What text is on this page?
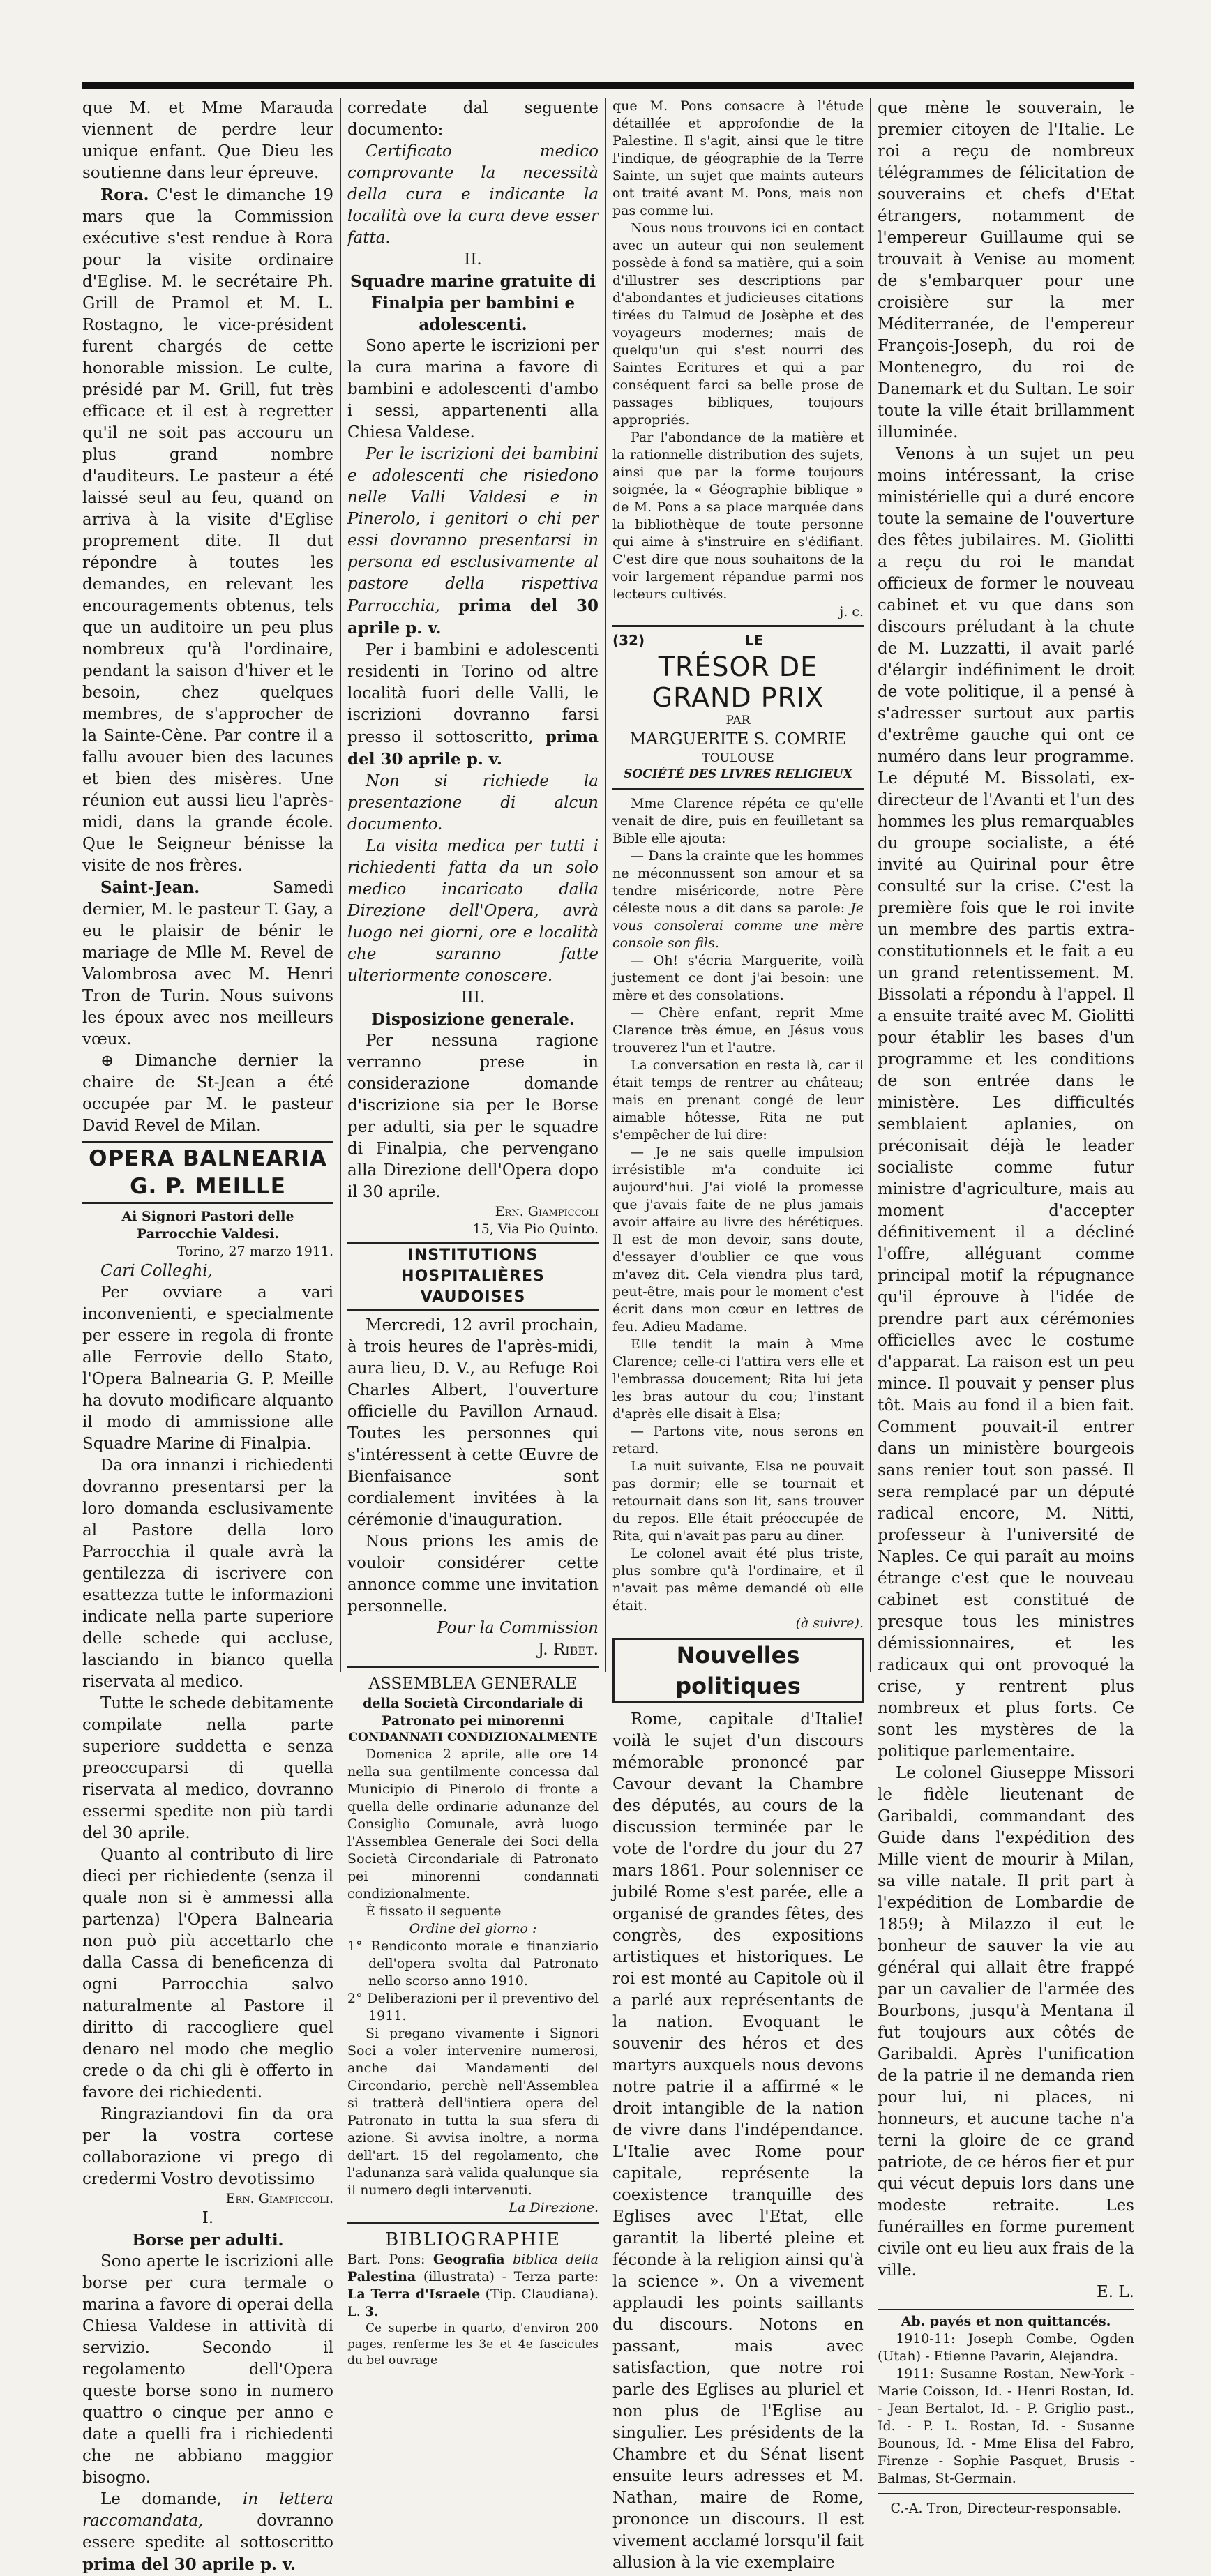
que M. et Mme Marauda viennent de perdre leur unique enfant. Que Dieu les soutienne dans leur épreuve.

Rora. C'est le dimanche 19 mars que la Commission exécutive s'est rendue à Rora pour la visite ordinaire d'Eglise. M. le secrétaire Ph. Grill de Pramol et M. L. Rostagno, le vice-président furent chargés de cette honorable mission. Le culte, présidé par M. Grill, fut très efficace et il est à regretter qu'il ne soit pas accouru un plus grand nombre d'auditeurs. Le pasteur a été laissé seul au feu, quand on arriva à la visite d'Eglise proprement dite. Il dut répondre à toutes les demandes, en relevant les encouragements obtenus, tels que un auditoire un peu plus nombreux qu'à l'ordinaire, pendant la saison d'hiver et le besoin, chez quelques membres, de s'approcher de la Sainte-Cène. Par contre il a fallu avouer bien des lacunes et bien des misères. Une réunion eut aussi lieu l'après-midi, dans la grande école. Que le Seigneur bénisse la visite de nos frères.

Saint-Jean.	Samedi dernier, M. le pasteur T. Gay, a eu le plaisir de bénir le mariage de Mlle M. Revel de Valombrosa avec M. Henri Tron de Turin. Nous suivons les époux avec nos meilleurs vœux.

⊕ Dimanche dernier la chaire de St-Jean a été occupée par M. le pasteur David Revel de Milan.

OPERA BALNEARIA G. P. MEILLE

Ai Signori Pastori delle Parrocchie Valdesi.

Torino, 27 marzo 1911.

Cari Colleghi,

Per ovviare a vari inconvenienti, e specialmente per essere in regola di fronte alle Ferrovie dello Stato, l'Opera Balnearia G. P. Meille ha dovuto modificare alquanto il modo di ammissione alle Squadre Marine di Finalpia.

Da ora innanzi i richiedenti dovranno presentarsi per la loro domanda esclusivamente al Pastore della loro Parrocchia il quale avrà la gentilezza di iscrivere con esattezza tutte le informazioni indicate nella parte superiore delle schede qui accluse, lasciando in bianco quella riservata al medico.

Tutte le schede debitamente compilate nella parte superiore suddetta e senza preoccuparsi di quella riservata al medico, dovranno essermi spedite non più tardi del 30 aprile.

Quanto al contributo di lire dieci per richiedente (senza il quale non si è ammessi alla partenza) l'Opera Balnearia non può più accettarlo che dalla Cassa di beneficenza di ogni Parrocchia salvo naturalmente al Pastore il diritto di raccogliere quel denaro nel modo che meglio crede o da chi gli è offerto in favore dei richiedenti.

Ringraziandovi fin da ora per la vostra cortese collaborazione vi prego di credermi Vostro devotissimo

Ern. Giampiccoli.

I.

Borse per adulti.

Sono aperte le iscrizioni alle borse per cura termale o marina a favore di operai della Chiesa Valdese in attività di servizio. Secondo il regolamento dell'Opera queste borse sono in numero quattro o cinque per anno e date a quelli fra i richiedenti che ne abbiano maggior bisogno.

Le domande, in lettera raccomandata,	dovranno essere spedite al sottoscritto prima del 30 aprile p. v.

corredate dal seguente documento:

Certificato medico comprovante la necessità della cura e indicante la località ove la cura deve esser fatta.

II.

Squadre marine gratuite di Finalpia per bambini e adolescenti.

Sono aperte le iscrizioni per la cura marina a favore di bambini e adolescenti d'ambo i sessi, appartenenti alla Chiesa Valdese.

Per le iscrizioni dei bambini e adolescenti che risiedono nelle Valli Valdesi e in Pinerolo, i genitori o chi per essi dovranno presentarsi in persona ed esclusivamente al pastore della rispettiva Parrocchia, prima del 30 aprile p. v.

Per i bambini e adolescenti residenti in Torino od altre località fuori delle Valli, le iscrizioni dovranno farsi presso il sottoscritto, prima del 30 aprile p. v.

Non si richiede la presentazione di alcun documento.

La visita medica per tutti i richiedenti fatta da un solo medico incaricato dalla Direzione dell'Opera, avrà luogo nei giorni, ore e località che saranno fatte ulteriormente conoscere.

III.

Disposizione generale.

Per nessuna ragione verranno prese in considerazione domande d'iscrizione sia per le Borse per adulti, sia per le squadre di Finalpia, che pervengano alla Direzione dell'Opera dopo il 30 aprile.

Ern. Giampiccoli

15, Via Pio Quinto.

INSTITUTIONS HOSPITALIÈRES VAUDOISES

Mercredi, 12 avril prochain, à trois heures de l'après-midi, aura lieu, D. V., au Refuge Roi Charles Albert, l'ouverture officielle du Pavillon Arnaud. Toutes les personnes qui s'intéressent à cette Œuvre de Bienfaisance sont cordialement invitées à la cérémonie d'inauguration.

Nous prions les amis de vouloir considérer cette annonce comme une invitation personnelle.

Pour la Commission

J. Ribet.

ASSEMBLEA GENERALE

della Società Circondariale di Patronato pei minorenni

CONDANNATI CONDIZIONALMENTE

Domenica 2 aprile, alle ore 14 nella sua gentilmente concessa dal Municipio di Pinerolo di fronte a quella delle ordinarie adunanze del Consiglio Comunale, avrà luogo l'Assemblea Generale dei Soci della Società Circondariale di Patronato pei minorenni condannati condizionalmente.

È fissato il seguente

Ordine del giorno :

1° Rendiconto morale e finanziario dell'opera svolta dal Patronato nello scorso anno 1910.

2° Deliberazioni per il preventivo del 1911.

Si pregano vivamente i Signori Soci a voler intervenire numerosi, anche dai Mandamenti del Circondario, perchè nell'Assemblea si tratterà dell'intiera opera del Patronato in tutta la sua sfera di azione. Si avvisa inoltre, a norma dell'art. 15 del regolamento, che l'adunanza sarà valida qualunque sia il numero degli intervenuti.

La Direzione.

BIBLIOGRAPHIE

Bart. Pons: Geografia biblica della Palestina (illustrata) - Terza parte: La Terra d'Israele (Tip. Claudiana). L. 3.

Ce superbe in quarto, d'environ 200 pages, renferme les 3e et 4e fascicules du bel ouvrage

que M. Pons consacre à l'étude détaillée et approfondie de la Palestine. Il s'agit, ainsi que le titre l'indique, de géographie de la Terre Sainte, un sujet que maints auteurs ont traité avant M. Pons, mais non pas comme lui.

Nous nous trouvons ici en contact avec un auteur qui non seulement possède à fond sa matière, qui a soin d'illustrer ses descriptions par d'abondantes et judicieuses citations tirées du Talmud de Josèphe et des voyageurs modernes; mais de quelqu'un qui s'est nourri des Saintes Ecritures et qui a par conséquent farci sa belle prose de passages bibliques, toujours appropriés.

Par l'abondance de la matière et la rationnelle distribution des sujets, ainsi que par la forme toujours soignée, la « Géographie biblique » de M. Pons a sa place marquée dans la bibliothèque de toute personne qui aime à s'instruire en s'édifiant. C'est dire que nous souhaitons de la voir largement répandue parmi nos lecteurs cultivés.

j. c.

(32)	LE
TRÉSOR DE GRAND PRIX

PAR

MARGUERITE S. COMRIE

TOULOUSE

SOCIÉTÉ DES LIVRES RELIGIEUX

Mme Clarence répéta ce qu'elle venait de dire, puis en feuilletant sa Bible elle ajouta:

— Dans la crainte que les hommes ne méconnussent son amour et sa tendre miséricorde, notre Père céleste nous a dit dans sa parole: Je vous consolerai comme une mère console son fils.

— Oh! s'écria Marguerite, voilà justement ce dont j'ai besoin: une mère et des consolations.

— Chère enfant, reprit Mme Clarence très émue, en Jésus vous trouverez l'un et l'autre.

La conversation en resta là, car il était temps de rentrer au château; mais en prenant congé de leur aimable hôtesse, Rita ne put s'empêcher de lui dire:

— Je ne sais quelle impulsion irrésistible m'a conduite ici aujourd'hui. J'ai violé la promesse que j'avais faite de ne plus jamais avoir affaire au livre des hérétiques. Il est de mon devoir, sans doute, d'essayer d'oublier ce que vous m'avez dit. Cela viendra plus tard, peut-être, mais pour le moment c'est écrit dans mon cœur en lettres de feu. Adieu Madame.

Elle tendit la main à Mme Clarence; celle-ci l'attira vers elle et l'embrassa doucement; Rita lui jeta les bras autour du cou; l'instant d'après elle disait à Elsa;

— Partons vite, nous serons en retard.

La nuit suivante, Elsa ne pouvait pas dormir; elle se tournait et retournait dans son lit, sans trouver du repos. Elle était préoccupée de Rita, qui n'avait pas paru au diner.

Le colonel avait été plus triste, plus sombre qu'à l'ordinaire, et il n'avait pas même demandé où elle était.

(à suivre).

Nouvelles politiques

Rome, capitale d'Italie! voilà le sujet d'un discours mémorable prononcé par Cavour devant la Chambre des députés, au cours de la discussion terminée par le vote de l'ordre du jour du 27 mars 1861. Pour solenniser ce jubilé Rome s'est parée, elle a organisé de grandes fêtes, des congrès, des expositions artistiques et historiques. Le roi est monté au Capitole où il a parlé aux représentants de la nation. Evoquant le souvenir des héros et des martyrs auxquels nous devons notre patrie il a affirmé « le droit intangible de la nation de vivre dans l'indépendance. L'Italie avec Rome pour capitale, représente la coexistence tranquille des Eglises avec l'Etat, elle garantit la liberté pleine et féconde à la religion ainsi qu'à la science ». On a vivement applaudi les points saillants du discours. Notons en passant, mais avec satisfaction, que notre roi parle des Eglises au pluriel et non plus de l'Eglise au singulier. Les présidents de la Chambre et du Sénat lisent ensuite leurs adresses et M. Nathan, maire de Rome, prononce un discours. Il est vivement acclamé lorsqu'il fait allusion à la vie exemplaire

que mène le souverain, le premier citoyen de l'Italie. Le roi a reçu de nombreux télégrammes de félicitation de souverains et chefs d'Etat étrangers, notamment de l'empereur Guillaume qui se trouvait à Venise au moment de s'embarquer pour une croisière sur la mer Méditerranée, de l'empereur François-Joseph, du roi de Montenegro, du roi de Danemark et du Sultan. Le soir toute la ville était brillamment illuminée.

Venons à un sujet un peu moins intéressant, la crise ministérielle qui a duré encore toute la semaine de l'ouverture des fêtes jubilaires. M. Giolitti a reçu du roi le mandat officieux de former le nouveau cabinet et vu que dans son discours préludant à la chute de M. Luzzatti, il avait parlé d'élargir indéfiniment le droit de vote politique, il a pensé à s'adresser surtout aux partis d'extrême gauche qui ont ce numéro dans leur programme. Le député M. Bissolati, ex-directeur de l'Avanti et l'un des hommes les plus remarquables du groupe socialiste, a été invité au Quirinal pour être consulté sur la crise. C'est la première fois que le roi invite un membre des partis extra-constitutionnels et le fait a eu un grand retentissement. M. Bissolati a répondu à l'appel. Il a ensuite traité avec M. Giolitti pour établir les bases d'un programme et les conditions de son entrée dans le ministère. Les difficultés semblaient aplanies, on préconisait déjà le leader socialiste comme futur ministre d'agriculture, mais au moment d'accepter définitivement il a décliné l'offre, alléguant comme principal motif la répugnance qu'il éprouve à l'idée de prendre part aux cérémonies officielles avec le costume d'apparat. La raison est un peu mince. Il pouvait y penser plus tôt. Mais au fond il a bien fait. Comment pouvait-il entrer dans un ministère bourgeois sans renier tout son passé. Il sera remplacé par un député radical encore, M. Nitti, professeur à l'université de Naples. Ce qui paraît au moins étrange c'est que le nouveau cabinet est constitué de presque tous les ministres démissionnaires, et les radicaux qui ont provoqué la crise, y rentrent plus nombreux et plus forts. Ce sont les mystères de la politique parlementaire.

Le colonel Giuseppe Missori le fidèle lieutenant de Garibaldi, commandant des Guide dans l'expédition des Mille vient de mourir à Milan, sa ville natale. Il prit part à l'expédition de Lombardie de 1859; à Milazzo il eut le bonheur de sauver la vie au général qui allait être frappé par un cavalier de l'armée des Bourbons, jusqu'à Mentana il fut toujours aux côtés de Garibaldi. Après l'unification de la patrie il ne demanda rien pour lui, ni places, ni honneurs, et aucune tache n'a terni la gloire de ce grand patriote, de ce héros fier et pur qui vécut depuis lors dans une modeste retraite. Les funérailles en forme purement civile ont eu lieu aux frais de la ville.

E. L.

Ab. payés et non quittancés.

1910-11: Joseph Combe, Ogden (Utah) - Etienne Pavarin, Alejandra.

1911: Susanne Rostan, New-York - Marie Coisson, Id. - Henri Rostan, Id. - Jean Bertalot, Id. - P. Griglio past., Id. - P. L. Rostan, Id. - Susanne Bounous, Id. - Mme Elisa del Fabro, Firenze - Sophie Pasquet, Brusis - Balmas, St-Germain.

C.-A. Tron, Directeur-responsable.
